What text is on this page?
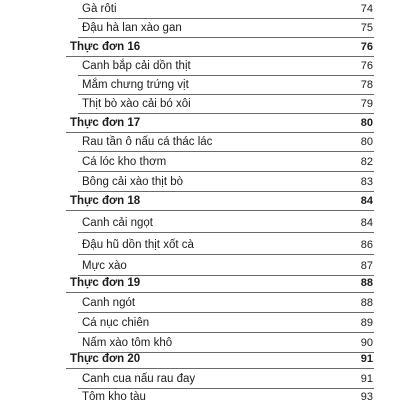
Gà rôti	74
Đậu hà lan xào gan	75
Thực đơn 16	76
Canh bắp cải dồn thịt	76
Mắm chưng trứng vịt	78
Thịt bò xào cải bó xôi	79
Thực đơn 17	80
Rau tần ô nấu cá thác lác	80
Cá lóc kho thơm	82
Bông cải xào thịt bò	83
Thực đơn 18	84
Canh cải ngọt	84
Đậu hũ dồn thịt xốt cà	86
Mực xào	87
Thực đơn 19	88
Canh ngót	88
Cá nục chiên	89
Nấm xào tôm khô	90
Thực đơn 20	91
Canh cua nấu rau đay	91
Tôm kho tàu	93
